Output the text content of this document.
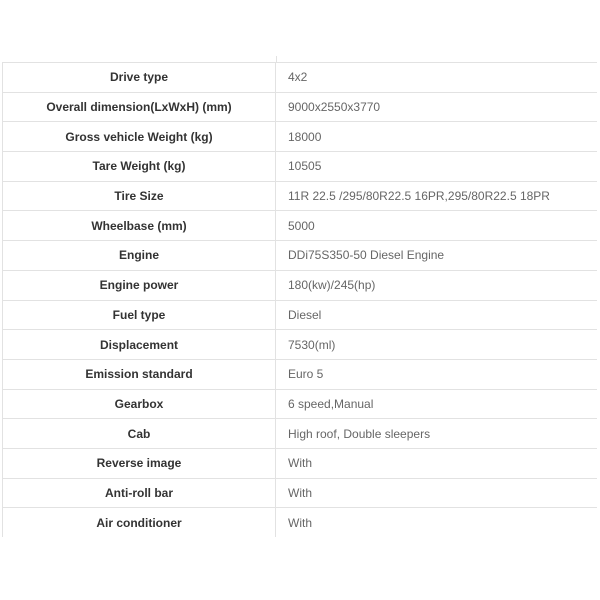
Drive type	4x2
Overall dimension(LxWxH) (mm)	9000x2550x3770
Gross vehicle Weight (kg)	18000
Tare Weight (kg)	10505
Tire Size	11R 22.5 /295/80R22.5 16PR,295/80R22.5 18PR
Wheelbase (mm)	5000
Engine	DDi75S350-50 Diesel Engine
Engine power	180(kw)/245(hp)
Fuel type	Diesel
Displacement	7530(ml)
Emission standard	Euro 5
Gearbox	6 speed,Manual
Cab	High roof, Double sleepers
Reverse image	With
Anti-roll bar	With
Air conditioner	With
